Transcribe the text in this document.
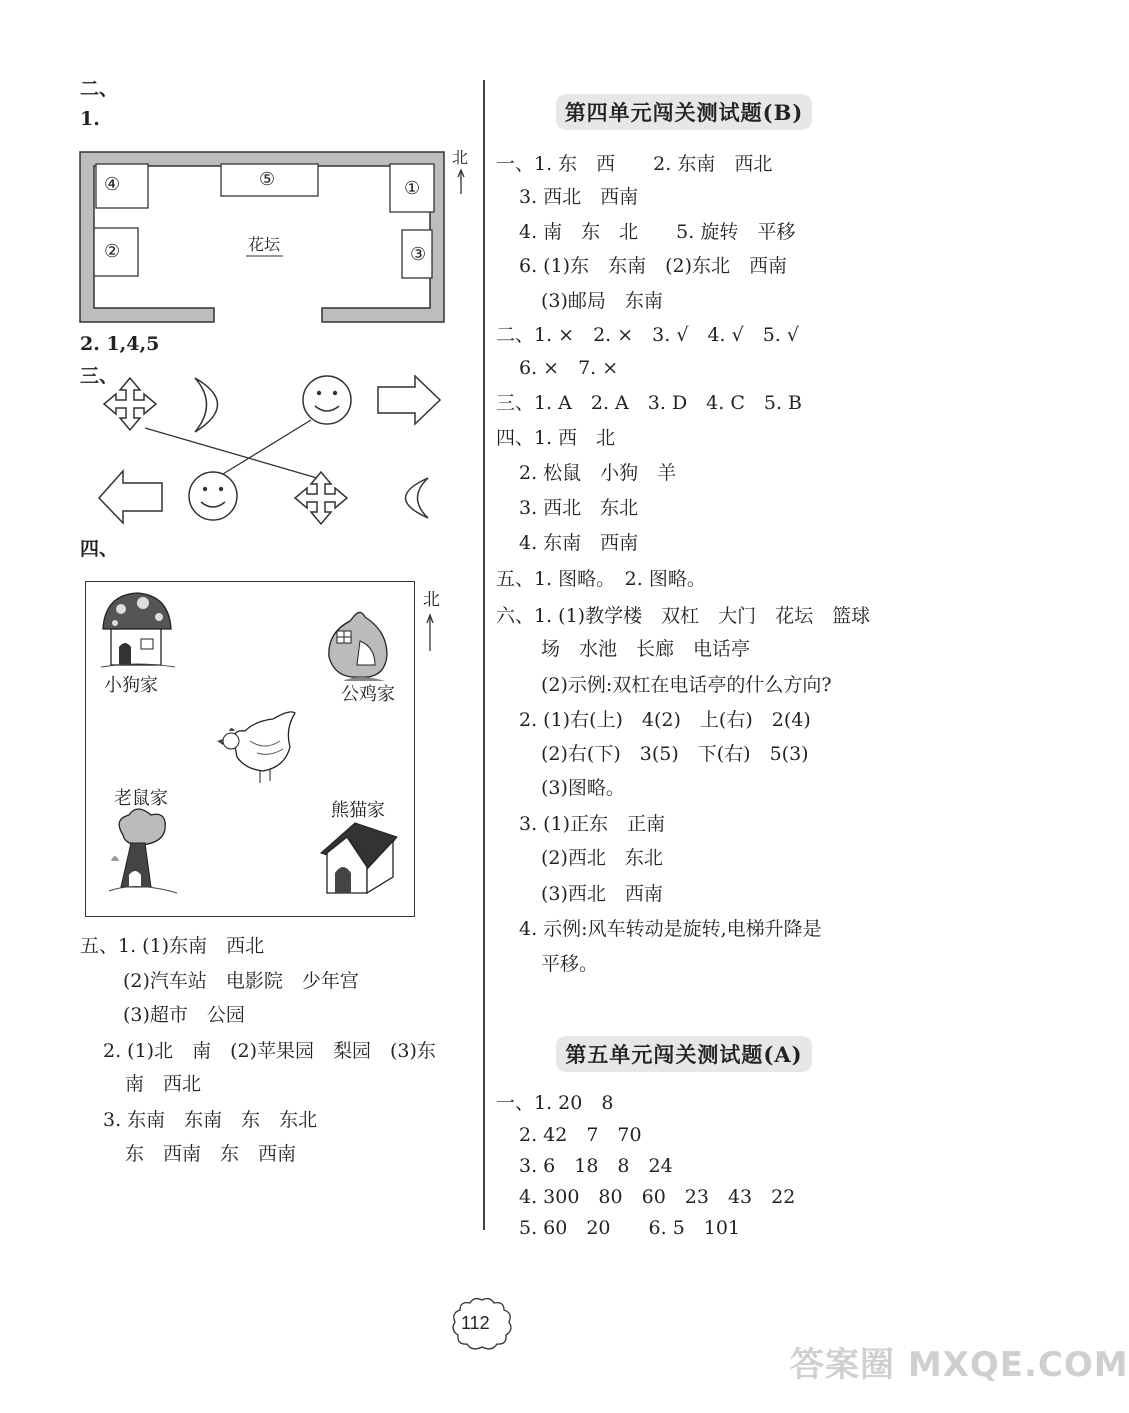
二、
1.
北
④	⑤	①
②	③
花坛
2. 1,4,5
三、
四、
北
小狗家	公鸡家
老鼠家
熊猫家
五、1. (1)东南　西北
(2)汽车站　电影院　少年宫
(3)超市　公园
2. (1)北　南　(2)苹果园　梨园　(3)东
南　西北
3. 东南　东南　东　东北
东　西南　东　西南
第四单元闯关测试题(B)
一、1. 东　西　　2. 东南　西北
3. 西北　西南
4. 南　东　北　　5. 旋转　平移
6. (1)东　东南　(2)东北　西南
(3)邮局　东南
二、1. ×　2. ×　3. √　4. √　5. √
6. ×　7. ×
三、1. A　2. A　3. D　4. C　5. B
四、1. 西　北
2. 松鼠　小狗　羊
3. 西北　东北
4. 东南　西南
五、1. 图略。　2. 图略。
六、1. (1)教学楼　双杠　大门　花坛　篮球
场　水池　长廊　电话亭
(2)示例:双杠在电话亭的什么方向?
2. (1)右(上)　4(2)　上(右)　2(4)
(2)右(下)　3(5)　下(右)　5(3)
(3)图略。
3. (1)正东　正南
(2)西北　东北
(3)西北　西南
4. 示例:风车转动是旋转,电梯升降是
平移。
第五单元闯关测试题(A)
一、1. 20　8
2. 42　7　70
3. 6　18　8　24
4. 300　80　60　23　43　22
5. 60　20　　6. 5　101
112
答案圈 MXQE.COM
